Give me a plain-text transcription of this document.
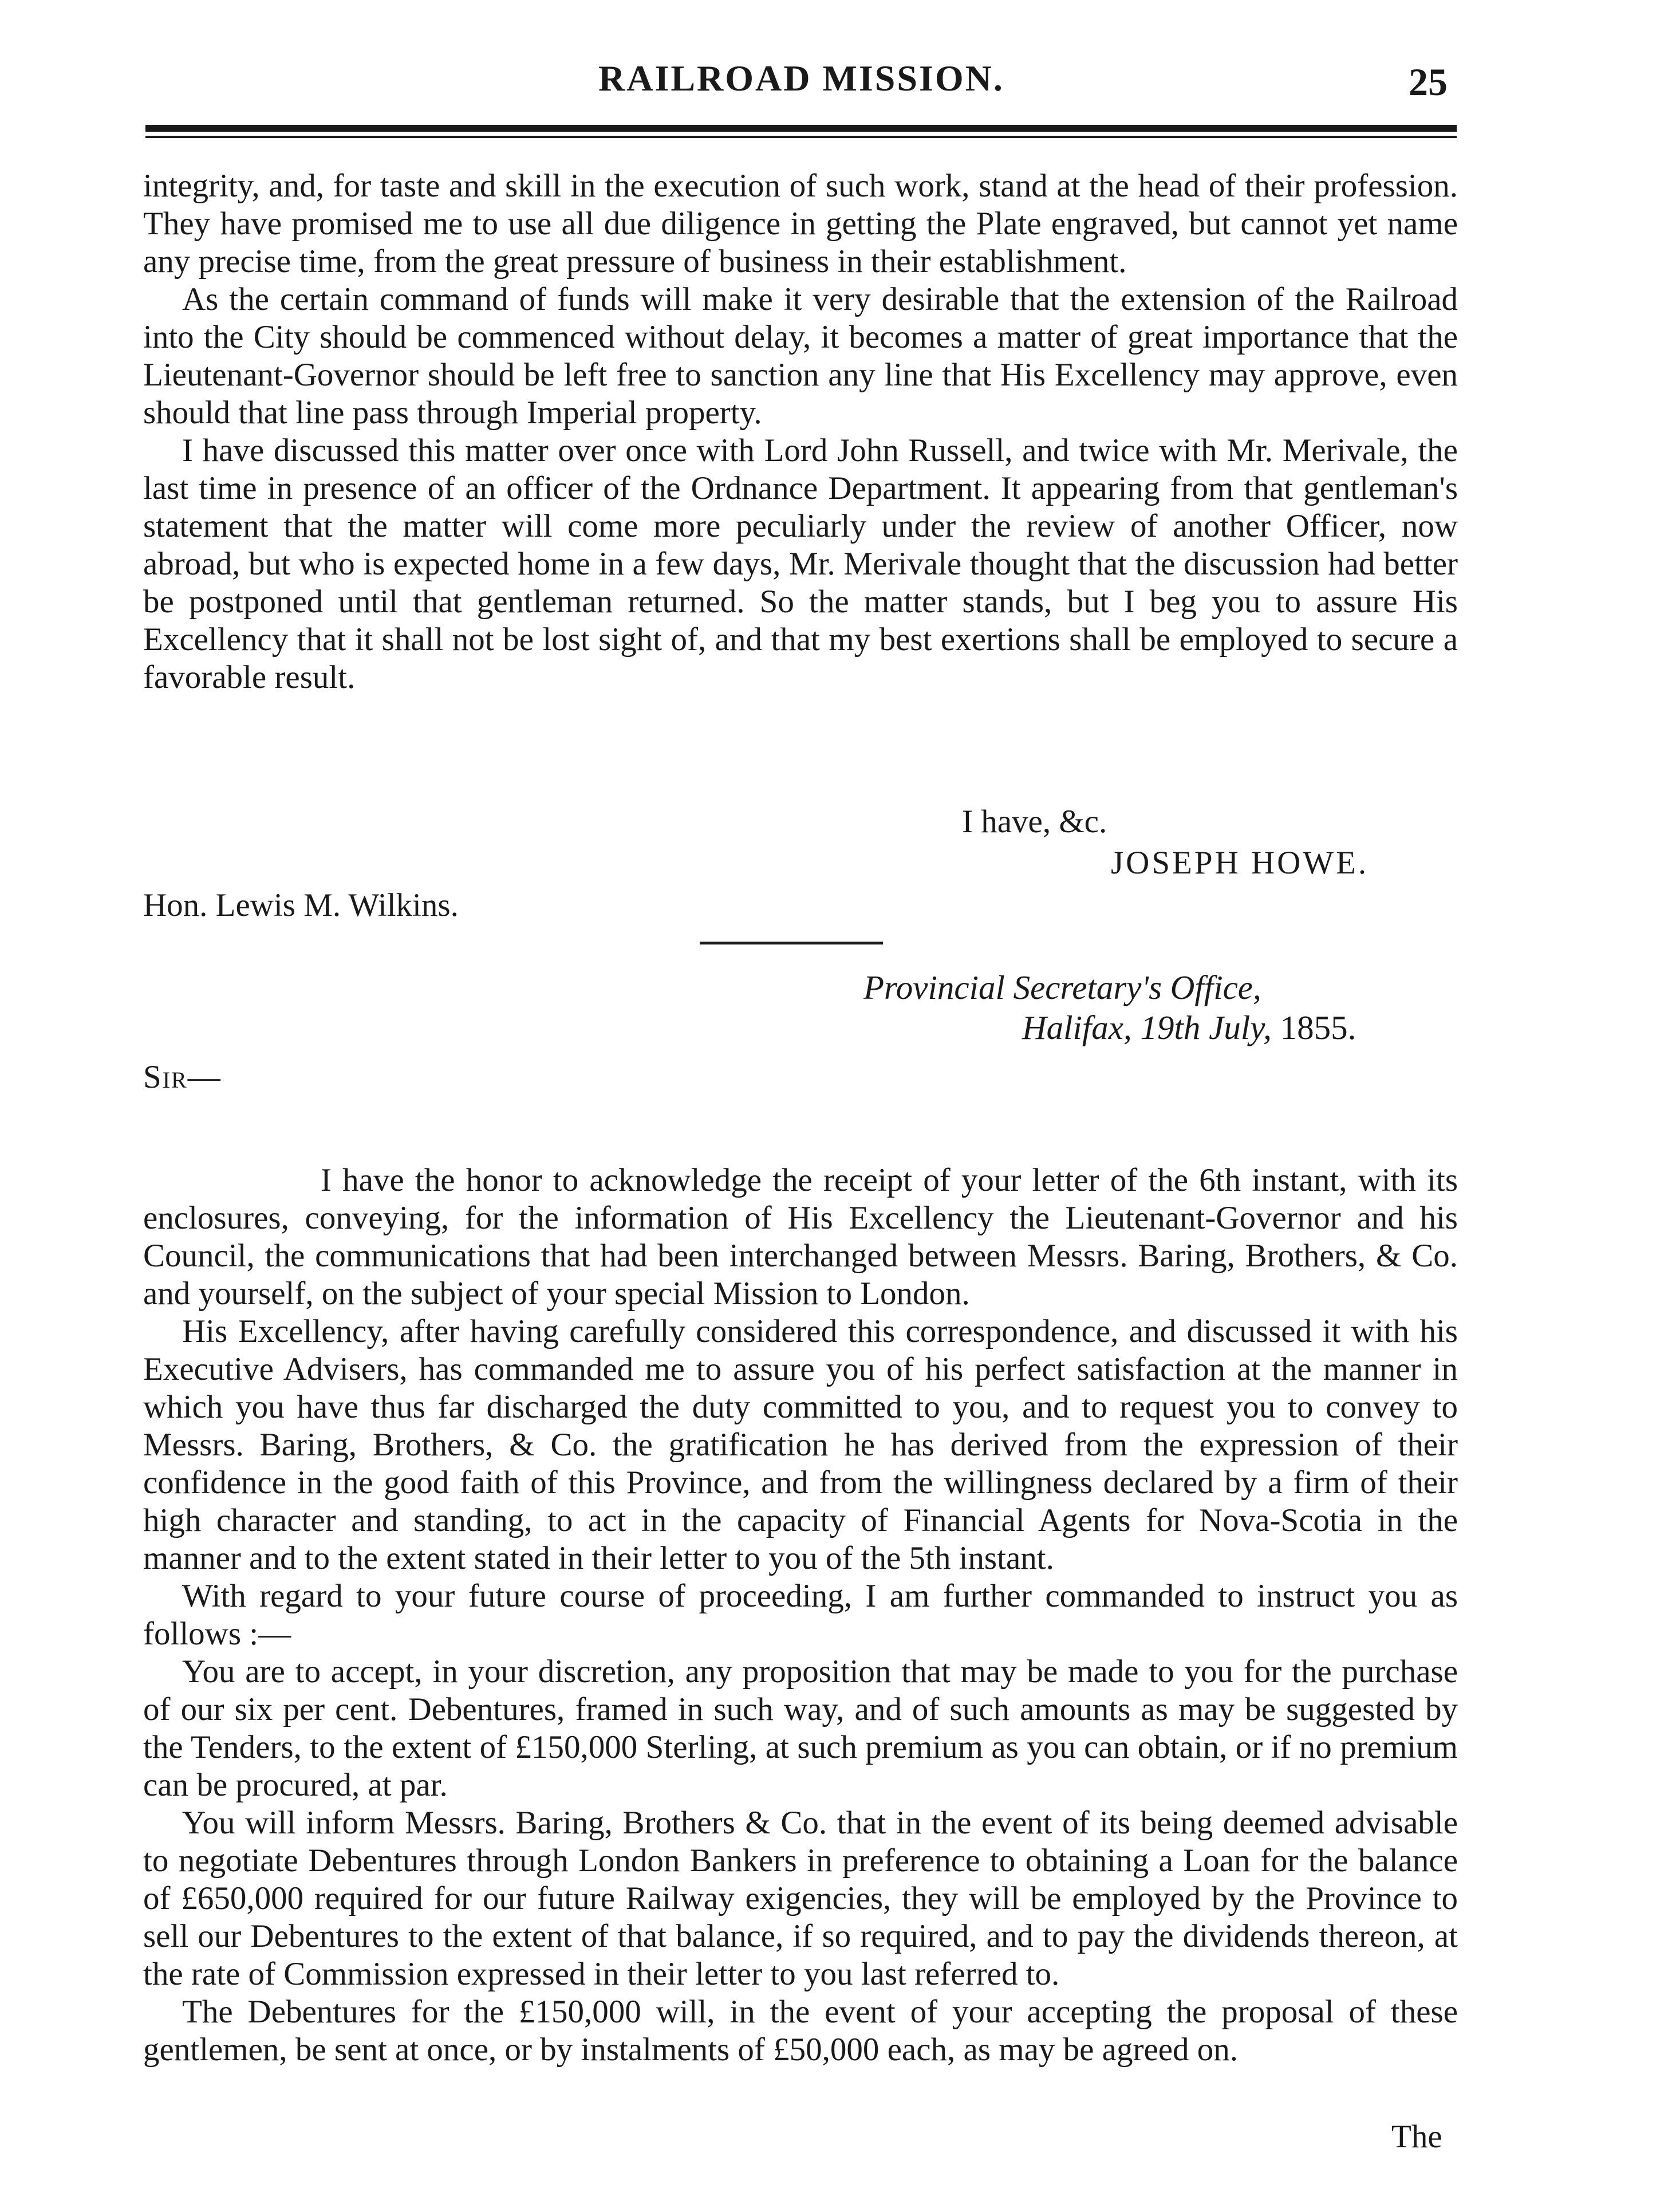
RAILROAD MISSION.	25

integrity, and, for taste and skill in the execution of such work, stand at the head of their profession. They have promised me to use all due diligence in getting the Plate engraved, but cannot yet name any precise time, from the great pressure of business in their establishment.

As the certain command of funds will make it very desirable that the extension of the Railroad into the City should be commenced without delay, it becomes a matter of great importance that the Lieutenant-Governor should be left free to sanction any line that His Excellency may approve, even should that line pass through Imperial property.

I have discussed this matter over once with Lord John Russell, and twice with Mr. Merivale, the last time in presence of an officer of the Ordnance Department. It appearing from that gentleman's statement that the matter will come more peculiarly under the review of another Officer, now abroad, but who is expected home in a few days, Mr. Merivale thought that the discussion had better be postponed until that gentleman returned. So the matter stands, but I beg you to assure His Excellency that it shall not be lost sight of, and that my best exertions shall be employed to secure a favorable result.

I have, &c.
JOSEPH HOWE.
Hon. Lewis M. Wilkins.
Provincial Secretary's Office,
Halifax, 19th July, 1855.
Sir—

I have the honor to acknowledge the receipt of your letter of the 6th instant, with its enclosures, conveying, for the information of His Excellency the Lieutenant-Governor and his Council, the communications that had been interchanged between Messrs. Baring, Brothers, & Co. and yourself, on the subject of your special Mission to London.

His Excellency, after having carefully considered this correspondence, and discussed it with his Executive Advisers, has commanded me to assure you of his perfect satisfaction at the manner in which you have thus far discharged the duty committed to you, and to request you to convey to Messrs. Baring, Brothers, & Co. the gratification he has derived from the expression of their confidence in the good faith of this Province, and from the willingness declared by a firm of their high character and standing, to act in the capacity of Financial Agents for Nova-Scotia in the manner and to the extent stated in their letter to you of the 5th instant.

With regard to your future course of proceeding, I am further commanded to instruct you as follows :—

You are to accept, in your discretion, any proposition that may be made to you for the purchase of our six per cent. Debentures, framed in such way, and of such amounts as may be suggested by the Tenders, to the extent of £150,000 Sterling, at such premium as you can obtain, or if no premium can be procured, at par.

You will inform Messrs. Baring, Brothers & Co. that in the event of its being deemed advisable to negotiate Debentures through London Bankers in preference to obtaining a Loan for the balance of £650,000 required for our future Railway exigencies, they will be employed by the Province to sell our Debentures to the extent of that balance, if so required, and to pay the dividends thereon, at the rate of Commission expressed in their letter to you last referred to.

The Debentures for the £150,000 will, in the event of your accepting the proposal of these gentlemen, be sent at once, or by instalments of £50,000 each, as may be agreed on.

The
